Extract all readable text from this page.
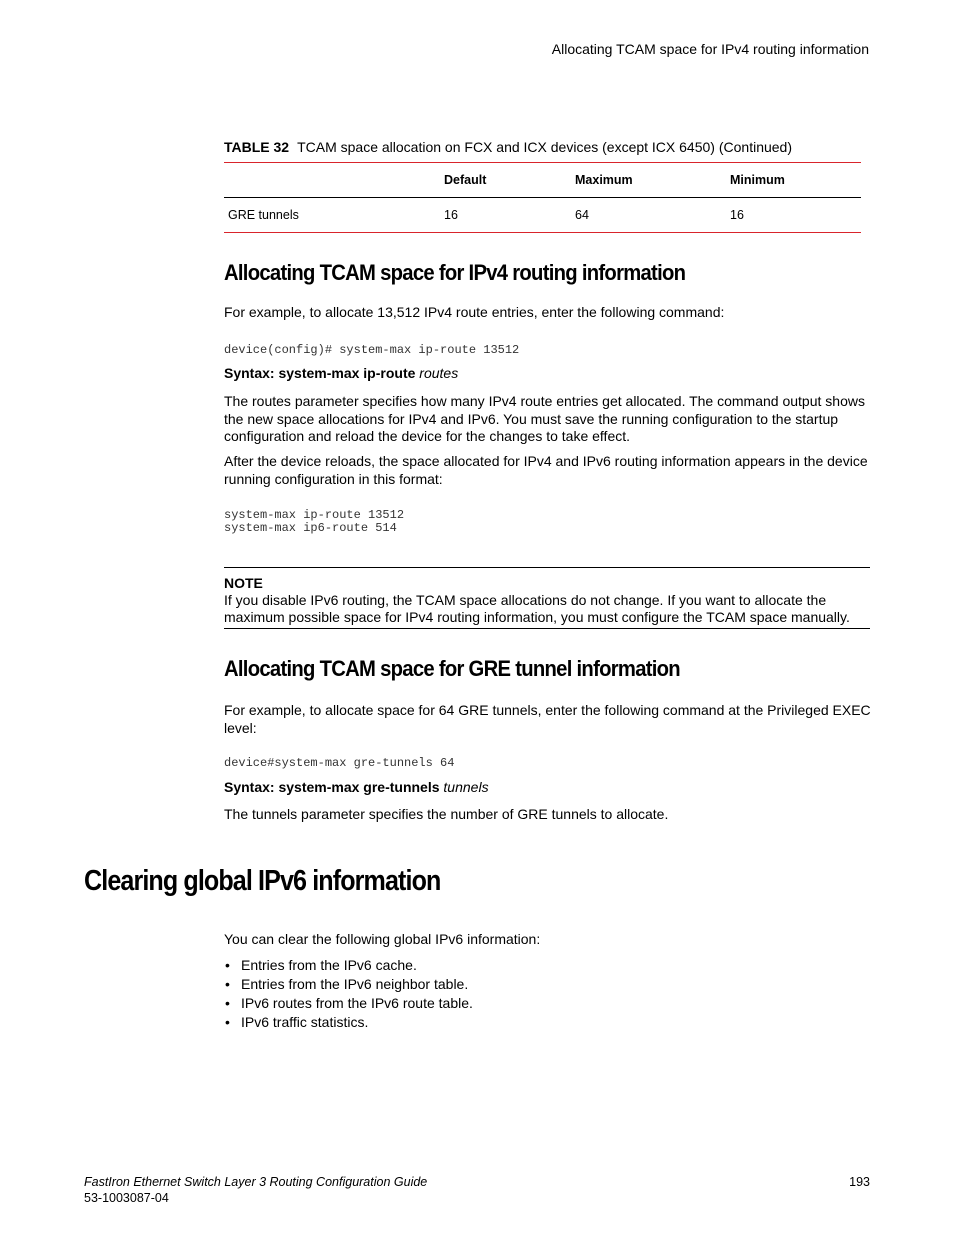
Allocating TCAM space for IPv4 routing information
TABLE 32 TCAM space allocation on FCX and ICX devices (except ICX 6450) (Continued)
	Default	Maximum	Minimum
GRE tunnels	16	64	16
Allocating TCAM space for IPv4 routing information
For example, to allocate 13,512 IPv4 route entries, enter the following command:
device(config)# system-max ip-route 13512
Syntax: system-max ip-route routes
The routes parameter specifies how many IPv4 route entries get allocated. The command output shows the new space allocations for IPv4 and IPv6. You must save the running configuration to the startup configuration and reload the device for the changes to take effect.
After the device reloads, the space allocated for IPv4 and IPv6 routing information appears in the device running configuration in this format:
system-max ip-route 13512
system-max ip6-route 514
NOTE
If you disable IPv6 routing, the TCAM space allocations do not change. If you want to allocate the maximum possible space for IPv4 routing information, you must configure the TCAM space manually.
Allocating TCAM space for GRE tunnel information
For example, to allocate space for 64 GRE tunnels, enter the following command at the Privileged EXEC level:
device#system-max gre-tunnels 64
Syntax: system-max gre-tunnels tunnels
The tunnels parameter specifies the number of GRE tunnels to allocate.
Clearing global IPv6 information
You can clear the following global IPv6 information:
• Entries from the IPv6 cache.
• Entries from the IPv6 neighbor table.
• IPv6 routes from the IPv6 route table.
• IPv6 traffic statistics.
FastIron Ethernet Switch Layer 3 Routing Configuration Guide
53-1003087-04
193
